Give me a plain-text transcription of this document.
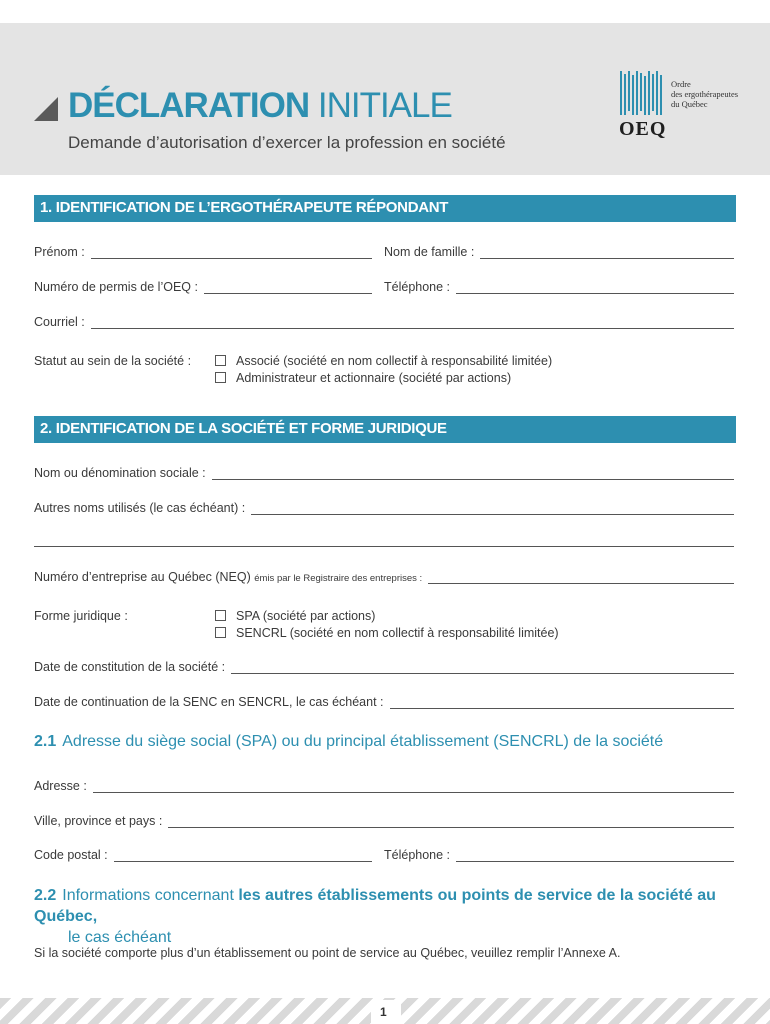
DÉCLARATION INITIALE
Demande d’autorisation d’exercer la profession en société
Ordre
des ergothérapeutes
du Québec
OEQ
1. IDENTIFICATION DE L’ERGOTHÉRAPEUTE RÉPONDANT
Prénom :	Nom de famille :
Numéro de permis de l’OEQ :	Téléphone :
Courriel :
Statut au sein de la société :	Associé (société en nom collectif à responsabilité limitée)
Administrateur et actionnaire (société par actions)
2. IDENTIFICATION DE LA SOCIÉTÉ ET FORME JURIDIQUE
Nom ou dénomination sociale :
Autres noms utilisés (le cas échéant) :
Numéro d’entreprise au Québec (NEQ)
émis par le Registraire des entreprises :
Forme juridique :	SPA (société par actions)
SENCRL (société en nom collectif à responsabilité limitée)
Date de constitution de la société :
Date de continuation de la SENC en SENCRL, le cas échéant :
2.1 Adresse du siège social (SPA) ou du principal établissement (SENCRL) de la société
Adresse :
Ville, province et pays :
Code postal :	Téléphone :
2.2 Informations concernant les autres établissements ou points de service de la société au Québec,
le cas échéant
Si la société comporte plus d’un établissement ou point de service au Québec, veuillez remplir l’Annexe A.
1
